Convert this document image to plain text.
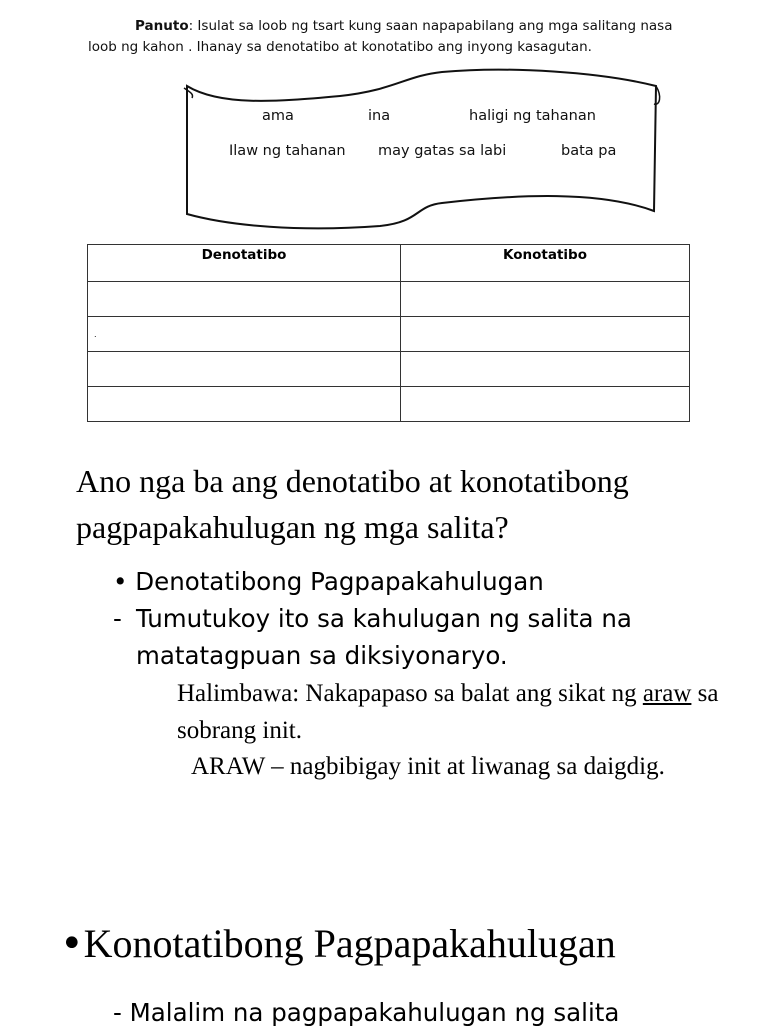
Panuto: Isulat sa loob ng tsart kung saan napapabilang ang mga salitang nasa
loob ng kahon . Ihanay sa denotatibo at konotatibo ang inyong kasagutan.
ama	ina	haligi ng tahanan
Ilaw ng tahanan may gatas sa labi	bata pa
Denotatibo	Konotatibo

.	

Ano nga ba ang denotatibo at konotatibong pagpapakahulugan ng mga salita?
• Denotatibong Pagpapakahulugan
- Tumutukoy ito sa kahulugan ng salita na matatagpuan sa diksiyonaryo.
Halimbawa: Nakapapaso sa balat ang sikat ng araw sa sobrang init.
ARAW – nagbibigay init at liwanag sa daigdig.
•Konotatibong Pagpapakahulugan
- Malalim na pagpapakahulugan ng salita
